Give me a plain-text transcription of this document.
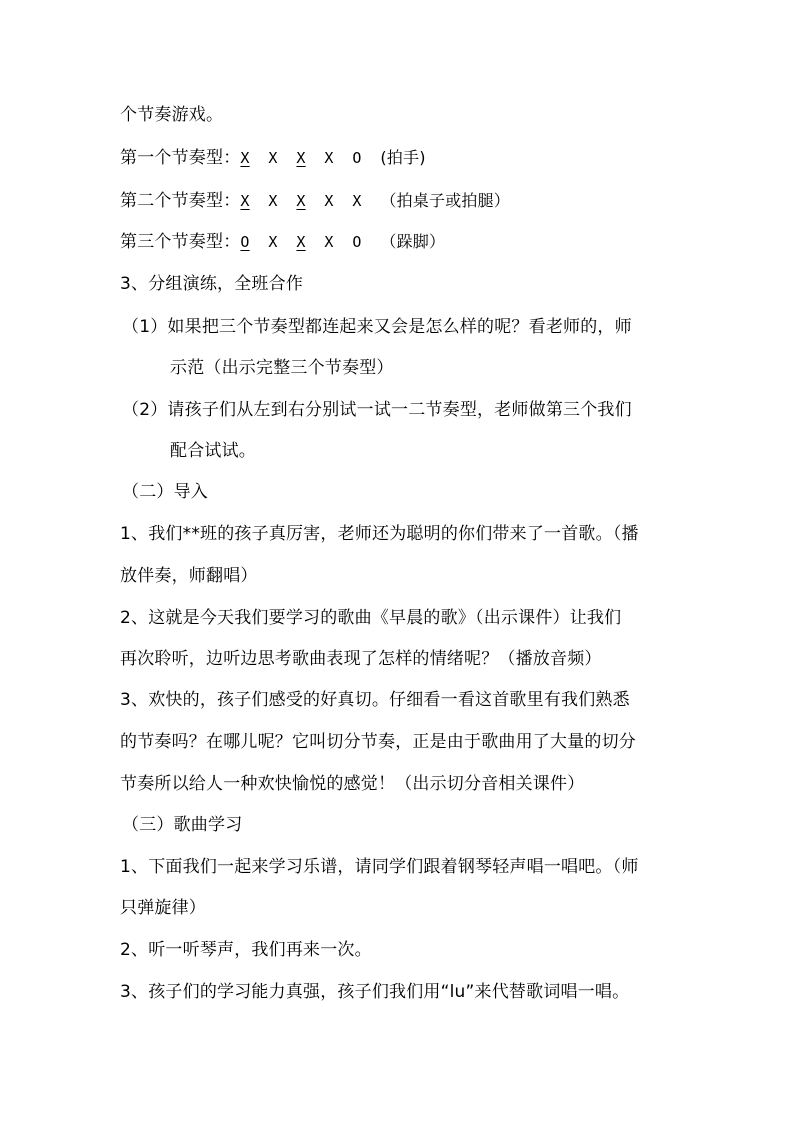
个节奏游戏。
第一个节奏型：X X X X O (拍手)
第二个节奏型：X X X X X （拍桌子或拍腿）
第三个节奏型：O X X X O （跺脚）
3、分组演练，全班合作
（1）如果把三个节奏型都连起来又会是怎么样的呢？看老师的，师
示范（出示完整三个节奏型）
（2）请孩子们从左到右分别试一试一二节奏型，老师做第三个我们
配合试试。
（二）导入
1、我们**班的孩子真厉害，老师还为聪明的你们带来了一首歌。（播
放伴奏，师翻唱）
2、这就是今天我们要学习的歌曲《早晨的歌》（出示课件）让我们
再次聆听，边听边思考歌曲表现了怎样的情绪呢？（播放音频）
3、欢快的，孩子们感受的好真切。仔细看一看这首歌里有我们熟悉
的节奏吗？在哪儿呢？它叫切分节奏，正是由于歌曲用了大量的切分
节奏所以给人一种欢快愉悦的感觉！（出示切分音相关课件）
（三）歌曲学习
1、下面我们一起来学习乐谱，请同学们跟着钢琴轻声唱一唱吧。（师
只弹旋律）
2、听一听琴声，我们再来一次。
3、孩子们的学习能力真强，孩子们我们用“lu”来代替歌词唱一唱。
